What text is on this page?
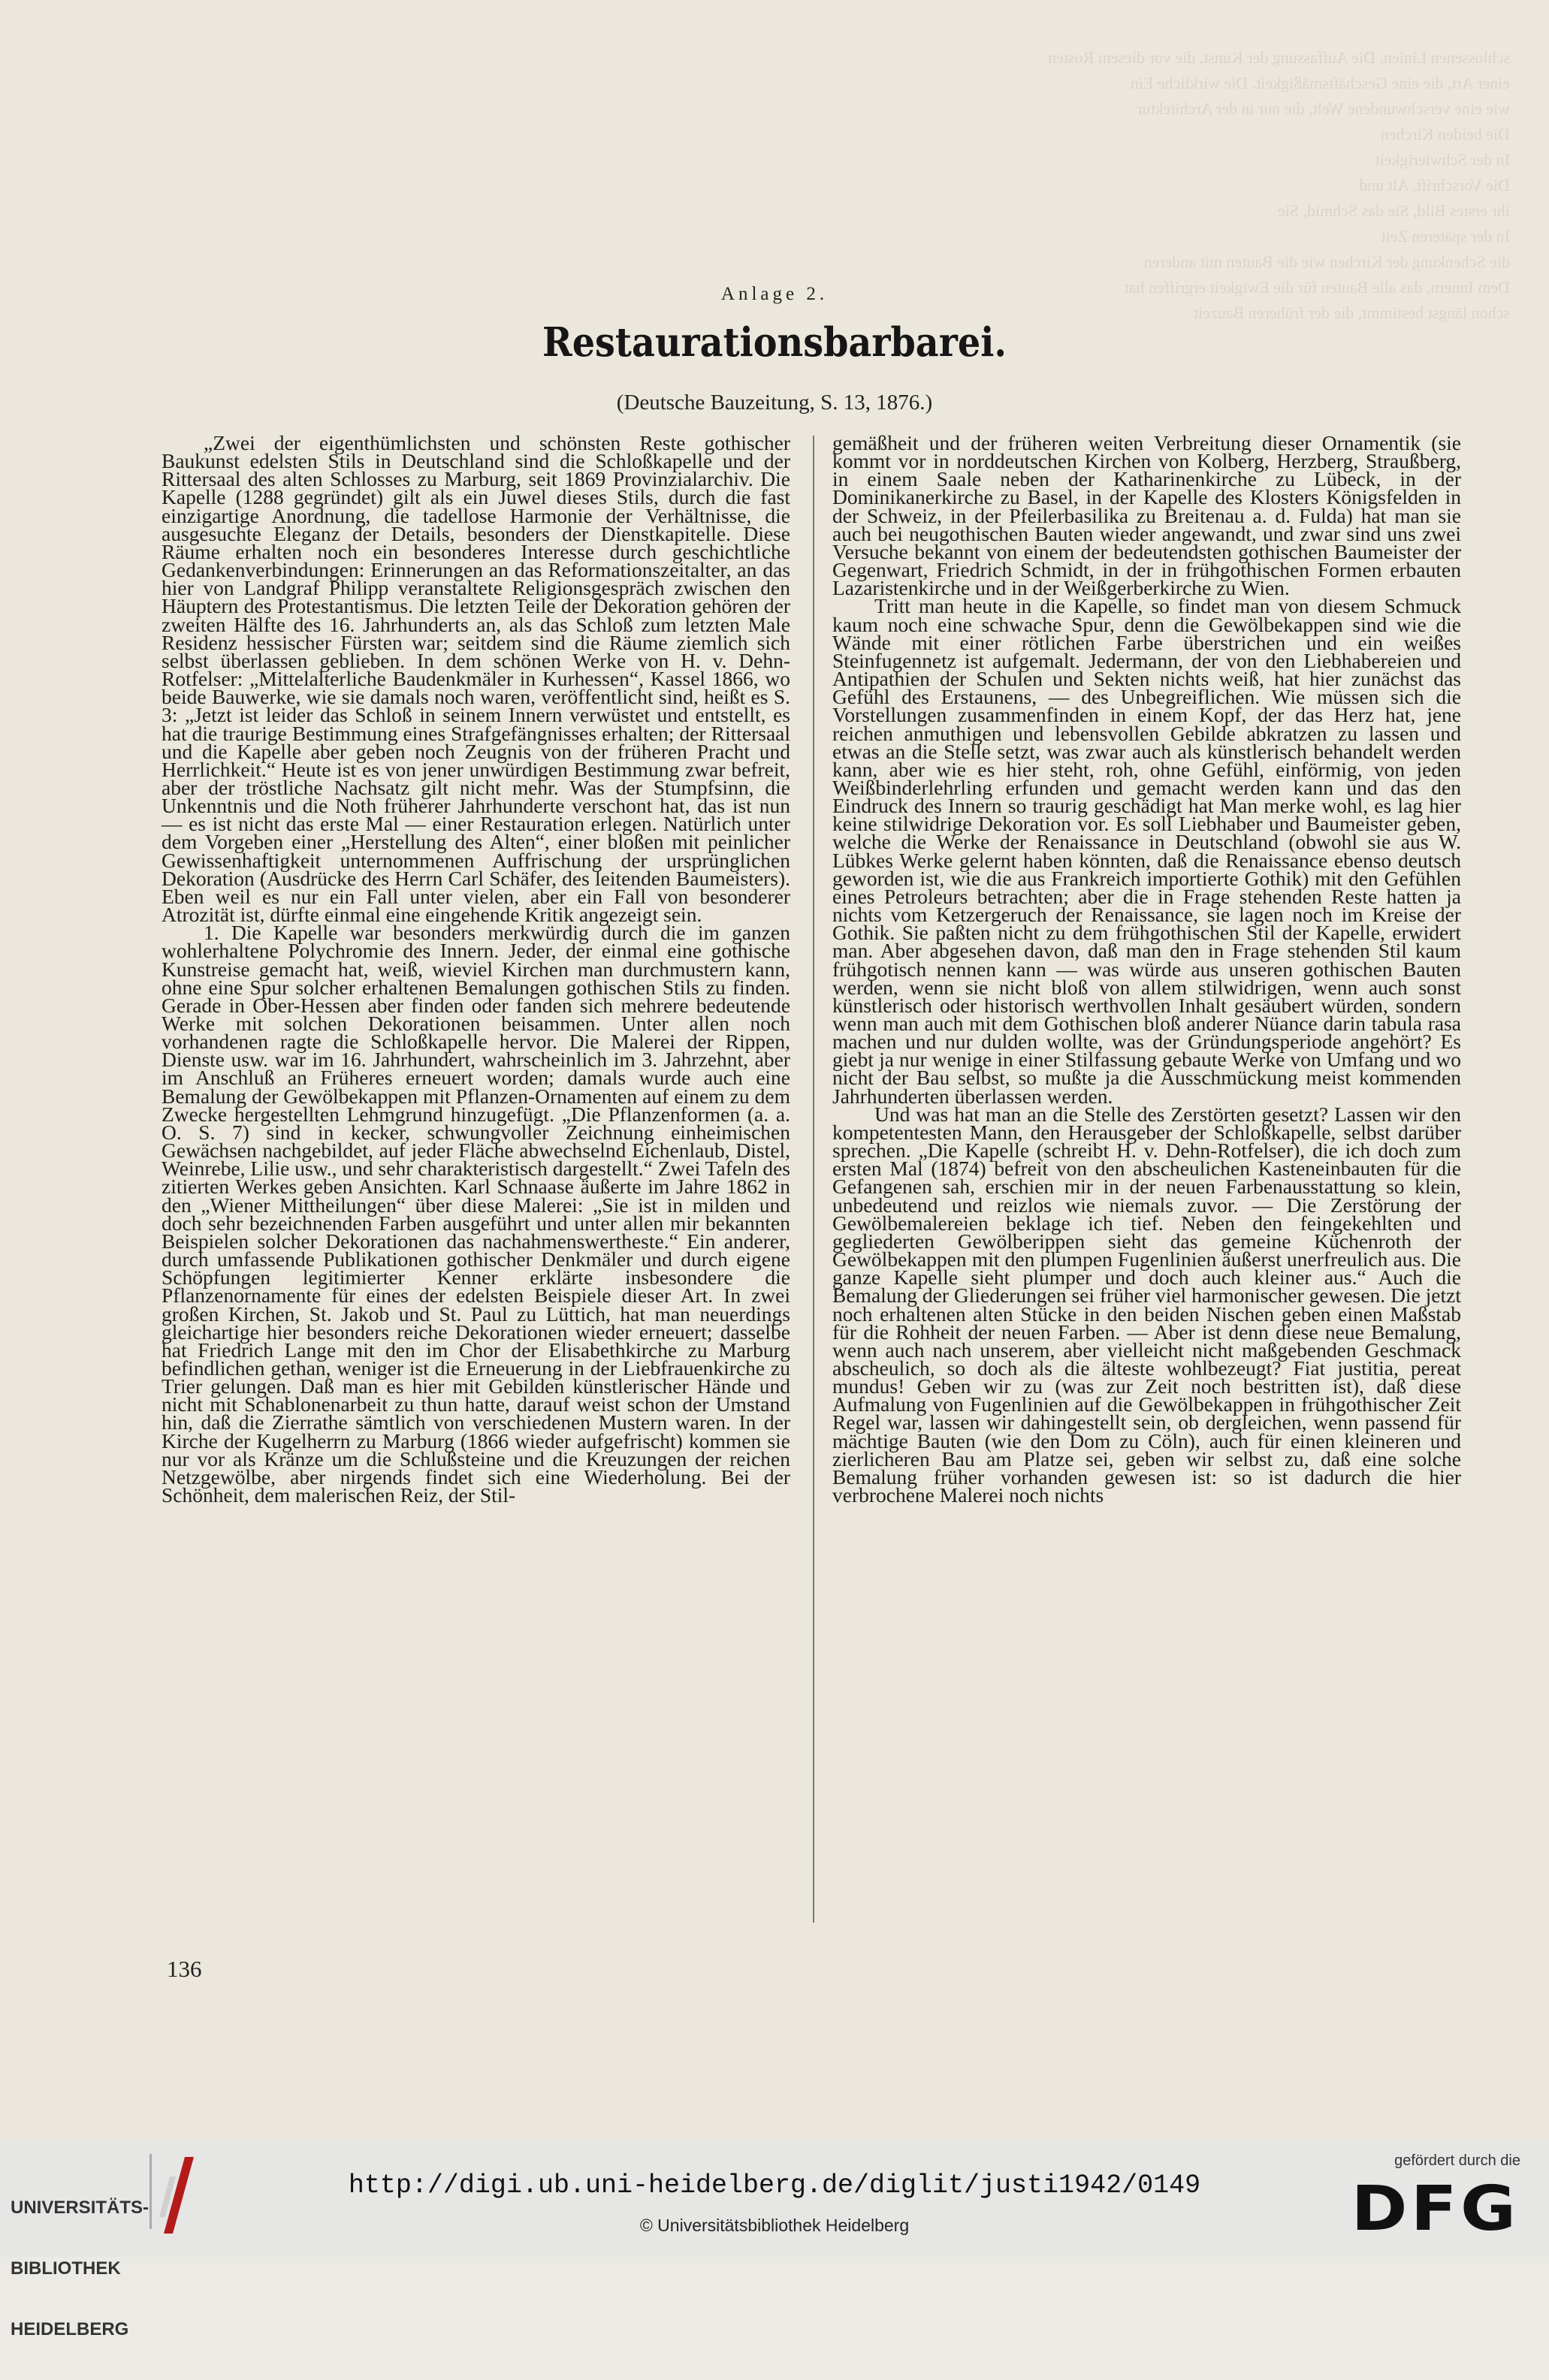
schlossenen Linien. Die Auffassung der Kunst, die vor diesem Rosten
einer Art, die eine Geschäftsmäßigkeit. Die wirkliche Ein
wie eine verschwundene Welt, die nur in der Architektur
Die beiden Kirchen
In der Schwierigkeit
Die Vorschrift, Alt und
ihr erstes Bild, Sie das Schmid, Sie
In der späteren Zeit
die Schenkung der Kirchen wie die Bauten mit anderen
Dem Innern, das alle Bauten für die Ewigkeit ergriffen hat
schon längst bestimmt, die der früheren Bauzeit
Anlage 2.
Restaurationsbarbarei.
(Deutsche Bauzeitung, S. 13, 1876.)

„Zwei der eigenthümlichsten und schönsten Reste gothischer Baukunst edelsten Stils in Deutschland sind die Schloßkapelle und der Rittersaal des alten Schlosses zu Marburg, seit 1869 Provinzialarchiv. Die Kapelle (1288 gegründet) gilt als ein Juwel dieses Stils, durch die fast einzigartige Anordnung, die tadellose Harmonie der Verhältnisse, die ausgesuchte Eleganz der Details, besonders der Dienstkapitelle. Diese Räume erhalten noch ein besonderes Interesse durch geschichtliche Gedankenverbindungen: Erinnerungen an das Reformationszeitalter, an das hier von Landgraf Philipp veranstaltete Religionsgespräch zwischen den Häuptern des Protestantismus. Die letzten Teile der Dekoration gehören der zweiten Hälfte des 16. Jahrhunderts an, als das Schloß zum letzten Male Residenz hessischer Fürsten war; seitdem sind die Räume ziemlich sich selbst überlassen geblieben. In dem schönen Werke von H. v. Dehn-Rotfelser: „Mittelalterliche Baudenkmäler in Kurhessen“, Kassel 1866, wo beide Bauwerke, wie sie damals noch waren, veröffentlicht sind, heißt es S. 3: „Jetzt ist leider das Schloß in seinem Innern verwüstet und entstellt, es hat die traurige Bestimmung eines Strafgefängnisses erhalten; der Rittersaal und die Kapelle aber geben noch Zeugnis von der früheren Pracht und Herrlichkeit.“ Heute ist es von jener unwürdigen Bestimmung zwar befreit, aber der tröstliche Nachsatz gilt nicht mehr. Was der Stumpfsinn, die Unkenntnis und die Noth früherer Jahrhunderte verschont hat, das ist nun — es ist nicht das erste Mal — einer Restauration erlegen. Natürlich unter dem Vorgeben einer „Herstellung des Alten“, einer bloßen mit peinlicher Gewissenhaftigkeit unternommenen Auffrischung der ursprünglichen Dekoration (Ausdrücke des Herrn Carl Schäfer, des leitenden Baumeisters). Eben weil es nur ein Fall unter vielen, aber ein Fall von besonderer Atrozität ist, dürfte einmal eine eingehende Kritik angezeigt sein.

1. Die Kapelle war besonders merkwürdig durch die im ganzen wohlerhaltene Polychromie des Innern. Jeder, der einmal eine gothische Kunstreise gemacht hat, weiß, wieviel Kirchen man durchmustern kann, ohne eine Spur solcher erhaltenen Bemalungen gothischen Stils zu finden. Gerade in Ober-Hessen aber finden oder fanden sich mehrere bedeutende Werke mit solchen Dekorationen beisammen. Unter allen noch vorhandenen ragte die Schloßkapelle hervor. Die Malerei der Rippen, Dienste usw. war im 16. Jahrhundert, wahrscheinlich im 3. Jahrzehnt, aber im Anschluß an Früheres erneuert worden; damals wurde auch eine Bemalung der Gewölbekappen mit Pflanzen-Ornamenten auf einem zu dem Zwecke hergestellten Lehmgrund hinzugefügt. „Die Pflanzenformen (a. a. O. S. 7) sind in kecker, schwungvoller Zeichnung einheimischen Gewächsen nachgebildet, auf jeder Fläche abwechselnd Eichenlaub, Distel, Weinrebe, Lilie usw., und sehr charakteristisch dargestellt.“ Zwei Tafeln des zitierten Werkes geben Ansichten. Karl Schnaase äußerte im Jahre 1862 in den „Wiener Mittheilungen“ über diese Malerei: „Sie ist in milden und doch sehr bezeichnenden Farben ausgeführt und unter allen mir bekannten Beispielen solcher Dekorationen das nachahmenswertheste.“ Ein anderer, durch umfassende Publikationen gothischer Denkmäler und durch eigene Schöpfungen legitimierter Kenner erklärte insbesondere die Pflanzenornamente für eines der edelsten Beispiele dieser Art. In zwei großen Kirchen, St. Jakob und St. Paul zu Lüttich, hat man neuerdings gleichartige hier besonders reiche Dekorationen wieder erneuert; dasselbe hat Friedrich Lange mit den im Chor der Elisabethkirche zu Marburg befindlichen gethan, weniger ist die Erneuerung in der Liebfrauenkirche zu Trier gelungen. Daß man es hier mit Gebilden künstlerischer Hände und nicht mit Schablonenarbeit zu thun hatte, darauf weist schon der Umstand hin, daß die Zierrathe sämtlich von verschiedenen Mustern waren. In der Kirche der Kugelherrn zu Marburg (1866 wieder aufgefrischt) kommen sie nur vor als Kränze um die Schlußsteine und die Kreuzungen der reichen Netzgewölbe, aber nirgends findet sich eine Wiederholung. Bei der Schönheit, dem malerischen Reiz, der Stil-

gemäßheit und der früheren weiten Verbreitung dieser Ornamentik (sie kommt vor in norddeutschen Kirchen von Kolberg, Herzberg, Straußberg, in einem Saale neben der Katharinenkirche zu Lübeck, in der Dominikanerkirche zu Basel, in der Kapelle des Klosters Königsfelden in der Schweiz, in der Pfeilerbasilika zu Breitenau a. d. Fulda) hat man sie auch bei neugothischen Bauten wieder angewandt, und zwar sind uns zwei Versuche bekannt von einem der bedeutendsten gothischen Baumeister der Gegenwart, Friedrich Schmidt, in der in frühgothischen Formen erbauten Lazaristenkirche und in der Weißgerberkirche zu Wien.

Tritt man heute in die Kapelle, so findet man von diesem Schmuck kaum noch eine schwache Spur, denn die Gewölbekappen sind wie die Wände mit einer rötlichen Farbe überstrichen und ein weißes Steinfugennetz ist aufgemalt. Jedermann, der von den Liebhabereien und Antipathien der Schulen und Sekten nichts weiß, hat hier zunächst das Gefühl des Erstaunens, — des Unbegreiflichen. Wie müssen sich die Vorstellungen zusammenfinden in einem Kopf, der das Herz hat, jene reichen anmuthigen und lebensvollen Gebilde abkratzen zu lassen und etwas an die Stelle setzt, was zwar auch als künstlerisch behandelt werden kann, aber wie es hier steht, roh, ohne Gefühl, einförmig, von jeden Weißbinderlehrling erfunden und gemacht werden kann und das den Eindruck des Innern so traurig geschädigt hat Man merke wohl, es lag hier keine stilwidrige Dekoration vor. Es soll Liebhaber und Baumeister geben, welche die Werke der Renaissance in Deutschland (obwohl sie aus W. Lübkes Werke gelernt haben könnten, daß die Renaissance ebenso deutsch geworden ist, wie die aus Frankreich importierte Gothik) mit den Gefühlen eines Petroleurs betrachten; aber die in Frage stehenden Reste hatten ja nichts vom Ketzergeruch der Renaissance, sie lagen noch im Kreise der Gothik. Sie paßten nicht zu dem frühgothischen Stil der Kapelle, erwidert man. Aber abgesehen davon, daß man den in Frage stehenden Stil kaum frühgotisch nennen kann — was würde aus unseren gothischen Bauten werden, wenn sie nicht bloß von allem stilwidrigen, wenn auch sonst künstlerisch oder historisch werthvollen Inhalt gesäubert würden, sondern wenn man auch mit dem Gothischen bloß anderer Nüance darin tabula rasa machen und nur dulden wollte, was der Gründungsperiode angehört? Es giebt ja nur wenige in einer Stilfassung gebaute Werke von Umfang und wo nicht der Bau selbst, so mußte ja die Ausschmückung meist kommenden Jahrhunderten überlassen werden.

Und was hat man an die Stelle des Zerstörten gesetzt? Lassen wir den kompetentesten Mann, den Herausgeber der Schloßkapelle, selbst darüber sprechen. „Die Kapelle (schreibt H. v. Dehn-Rotfelser), die ich doch zum ersten Mal (1874) befreit von den abscheulichen Kasteneinbauten für die Gefangenen sah, erschien mir in der neuen Farbenausstattung so klein, unbedeutend und reizlos wie niemals zuvor. — Die Zerstörung der Gewölbemalereien beklage ich tief. Neben den feingekehlten und gegliederten Gewölberippen sieht das gemeine Küchenroth der Gewölbekappen mit den plumpen Fugenlinien äußerst unerfreulich aus. Die ganze Kapelle sieht plumper und doch auch kleiner aus.“ Auch die Bemalung der Gliederungen sei früher viel harmonischer gewesen. Die jetzt noch erhaltenen alten Stücke in den beiden Nischen geben einen Maßstab für die Rohheit der neuen Farben. — Aber ist denn diese neue Bemalung, wenn auch nach unserem, aber vielleicht nicht maßgebenden Geschmack abscheulich, so doch als die älteste wohlbezeugt? Fiat justitia, pereat mundus! Geben wir zu (was zur Zeit noch bestritten ist), daß diese Aufmalung von Fugenlinien auf die Gewölbekappen in frühgothischer Zeit Regel war, lassen wir dahingestellt sein, ob dergleichen, wenn passend für mächtige Bauten (wie den Dom zu Cöln), auch für einen kleineren und zierlicheren Bau am Platze sei, geben wir selbst zu, daß eine solche Bemalung früher vorhanden gewesen ist: so ist dadurch die hier verbrochene Malerei noch nichts

136

UNIVERSITÄTS-

BIBLIOTHEK

HEIDELBERG

http://digi.ub.uni-heidelberg.de/diglit/justi1942/0149
© Universitätsbibliothek Heidelberg
gefördert durch die
DFG
